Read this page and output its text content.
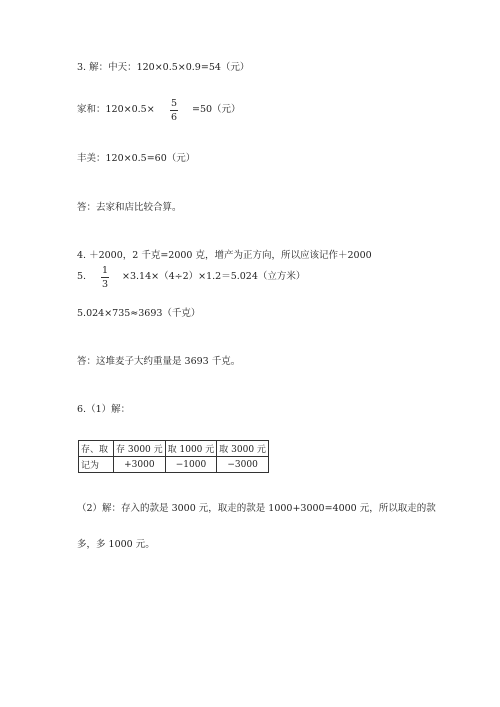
3. 解：中天：120×0.5×0.9=54（元）
家和：120×0.5×
5
6
=50（元）
丰美：120×0.5=60（元）
答：去家和店比较合算。
4. ＋2000，2 千克=2000 克，增产为正方向，所以应该记作＋2000
5.
1
3
×3.14×（4÷2）×1.2＝5.024（立方米）
5.024×735≈3693（千克）
答：这堆麦子大约重量是 3693 千克。
6.（1）解：
存、取	存 3000 元	取 1000 元	取 3000 元
记为	+3000	−1000	−3000
（2）解：存入的款是 3000 元，取走的款是 1000+3000=4000 元，所以取走的款
多，多 1000 元。
